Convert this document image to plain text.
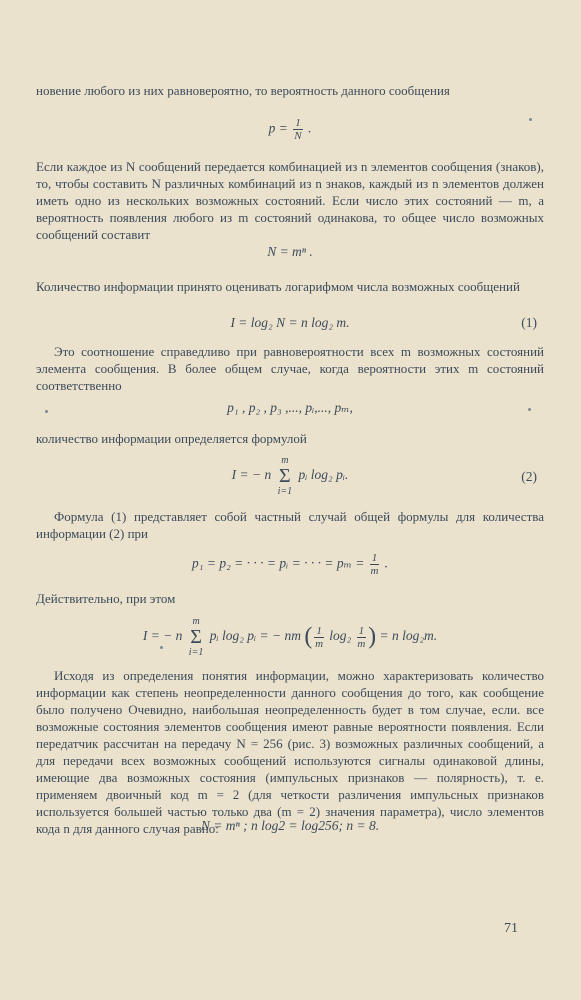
новение любого из них равновероятно, то вероятность данного сообщения

$p = \frac{1}{N}$ .

Если каждое из N сообщений передается комбинацией из n элементов сообщения (знаков), то, чтобы составить N различных комбинаций из n знаков, каждый из n элементов должен иметь одно из нескольких возможных состояний. Если число этих состояний — m, а вероятность появления любого из m состояний одинакова, то общее число возможных сообщений составит

N = mⁿ .

Количество информации принято оценивать логарифмом числа возможных сообщений

I = log₂ N = n log₂ m.	(1)

Это соотношение справедливо при равновероятности всех m возможных состояний элемента сообщения. В более общем случае, когда вероятности этих m состояний соответственно

p₁ , p₂ , p₃ ,..., pᵢ,..., pₘ,

количество информации определяется формулой

I = − n m
Σ
i=1 pᵢ log₂ pᵢ.	(2)

Формула (1) представляет собой частный случай общей формулы для количества информации (2) при

p₁ = p₂ = · · · = pᵢ = · · · = $p_m = \frac{1}{m}$ .

Действительно, при этом

I = − n m
Σ
i=1 pᵢ log₂ pᵢ = − nm ( $\frac{1}{m} \log_2 \frac{1}{m}$ ) = n log₂m.

Исходя из определения понятия информации, можно характеризовать количество информации как степень неопределенности данного сообщения до того, как сообщение было получено Очевидно, наибольшая неопределенность будет в том случае, если. все возможные состояния элементов сообщения имеют равные вероятности появления. Если передатчик рассчитан на передачу N = 256 (рис. 3) возможных различных сообщений, а для передачи всех возможных сообщений используются сигналы одинаковой длины, имеющие два возможных состояния (импульсных признаков — полярность), т. е. применяем двоичный код m = 2 (для четкости различения импульсных признаков используется большей частью только два (m = 2) значения параметра), число элементов кода n для данного случая равно:

N = mⁿ ; n log2 = log256; n = 8.

71
